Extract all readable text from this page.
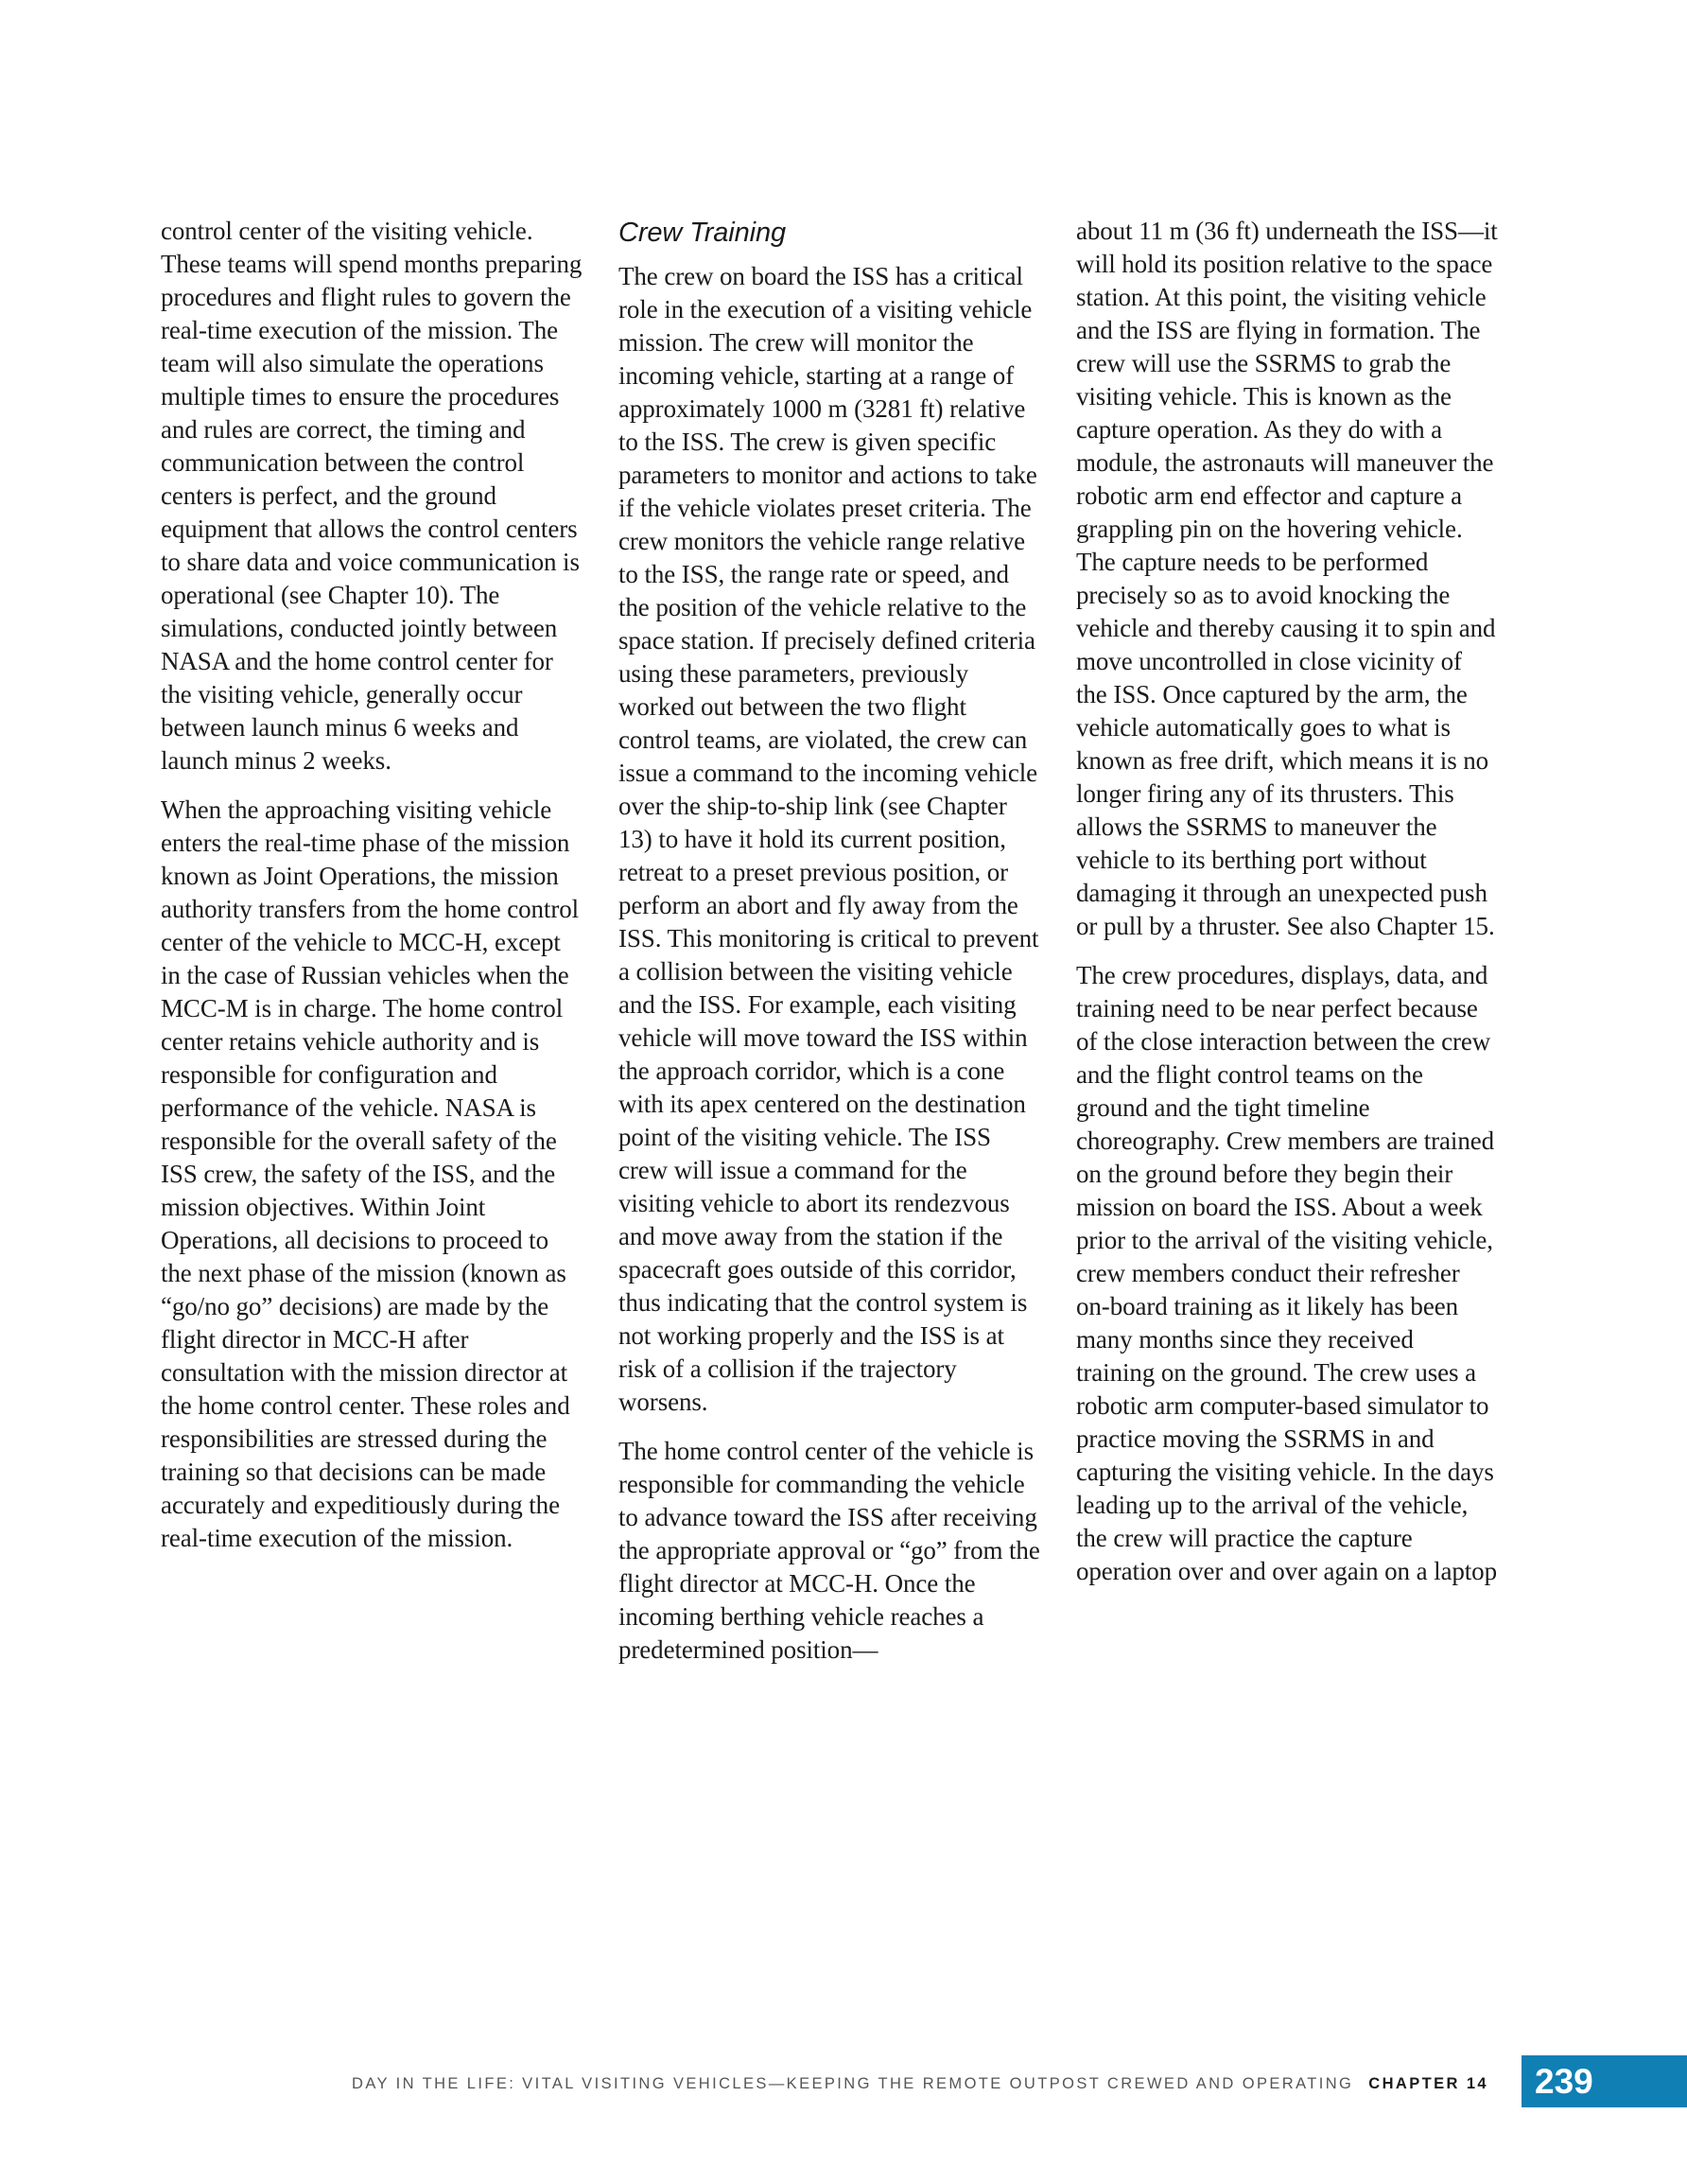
control center of the visiting vehicle. These teams will spend months preparing procedures and flight rules to govern the real-time execution of the mission. The team will also simulate the operations multiple times to ensure the procedures and rules are correct, the timing and communication between the control centers is perfect, and the ground equipment that allows the control centers to share data and voice communication is operational (see Chapter 10). The simulations, conducted jointly between NASA and the home control center for the visiting vehicle, generally occur between launch minus 6 weeks and launch minus 2 weeks.

When the approaching visiting vehicle enters the real-time phase of the mission known as Joint Operations, the mission authority transfers from the home control center of the vehicle to MCC-H, except in the case of Russian vehicles when the MCC-M is in charge. The home control center retains vehicle authority and is responsible for configuration and performance of the vehicle. NASA is responsible for the overall safety of the ISS crew, the safety of the ISS, and the mission objectives. Within Joint Operations, all decisions to proceed to the next phase of the mission (known as “go/no go” decisions) are made by the flight director in MCC-H after consultation with the mission director at the home control center. These roles and responsibilities are stressed during the training so that decisions can be made accurately and expeditiously during the real-time execution of the mission.

Crew Training

The crew on board the ISS has a critical role in the execution of a visiting vehicle mission. The crew will monitor the incoming vehicle, starting at a range of approximately 1000 m (3281 ft) relative to the ISS. The crew is given specific parameters to monitor and actions to take if the vehicle violates preset criteria. The crew monitors the vehicle range relative to the ISS, the range rate or speed, and the position of the vehicle relative to the space station. If precisely defined criteria using these parameters, previously worked out between the two flight control teams, are violated, the crew can issue a command to the incoming vehicle over the ship-to-ship link (see Chapter 13) to have it hold its current position, retreat to a preset previous position, or perform an abort and fly away from the ISS. This monitoring is critical to prevent a collision between the visiting vehicle and the ISS. For example, each visiting vehicle will move toward the ISS within the approach corridor, which is a cone with its apex centered on the destination point of the visiting vehicle. The ISS crew will issue a command for the visiting vehicle to abort its rendezvous and move away from the station if the spacecraft goes outside of this corridor, thus indicating that the control system is not working properly and the ISS is at risk of a collision if the trajectory worsens.

The home control center of the vehicle is responsible for commanding the vehicle to advance toward the ISS after receiving the appropriate approval or “go” from the flight director at MCC-H. Once the incoming berthing vehicle reaches a predetermined position—

about 11 m (36 ft) underneath the ISS—it will hold its position relative to the space station. At this point, the visiting vehicle and the ISS are flying in formation. The crew will use the SSRMS to grab the visiting vehicle. This is known as the capture operation. As they do with a module, the astronauts will maneuver the robotic arm end effector and capture a grappling pin on the hovering vehicle. The capture needs to be performed precisely so as to avoid knocking the vehicle and thereby causing it to spin and move uncontrolled in close vicinity of the ISS. Once captured by the arm, the vehicle automatically goes to what is known as free drift, which means it is no longer firing any of its thrusters. This allows the SSRMS to maneuver the vehicle to its berthing port without damaging it through an unexpected push or pull by a thruster. See also Chapter 15.

The crew procedures, displays, data, and training need to be near perfect because of the close interaction between the crew and the flight control teams on the ground and the tight timeline choreography. Crew members are trained on the ground before they begin their mission on board the ISS. About a week prior to the arrival of the visiting vehicle, crew members conduct their refresher on-board training as it likely has been many months since they received training on the ground. The crew uses a robotic arm computer-based simulator to practice moving the SSRMS in and capturing the visiting vehicle. In the days leading up to the arrival of the vehicle, the crew will practice the capture operation over and over again on a laptop

DAY IN THE LIFE: VITAL VISITING VEHICLES—KEEPING THE REMOTE OUTPOST CREWED AND OPERATING CHAPTER 14 239
